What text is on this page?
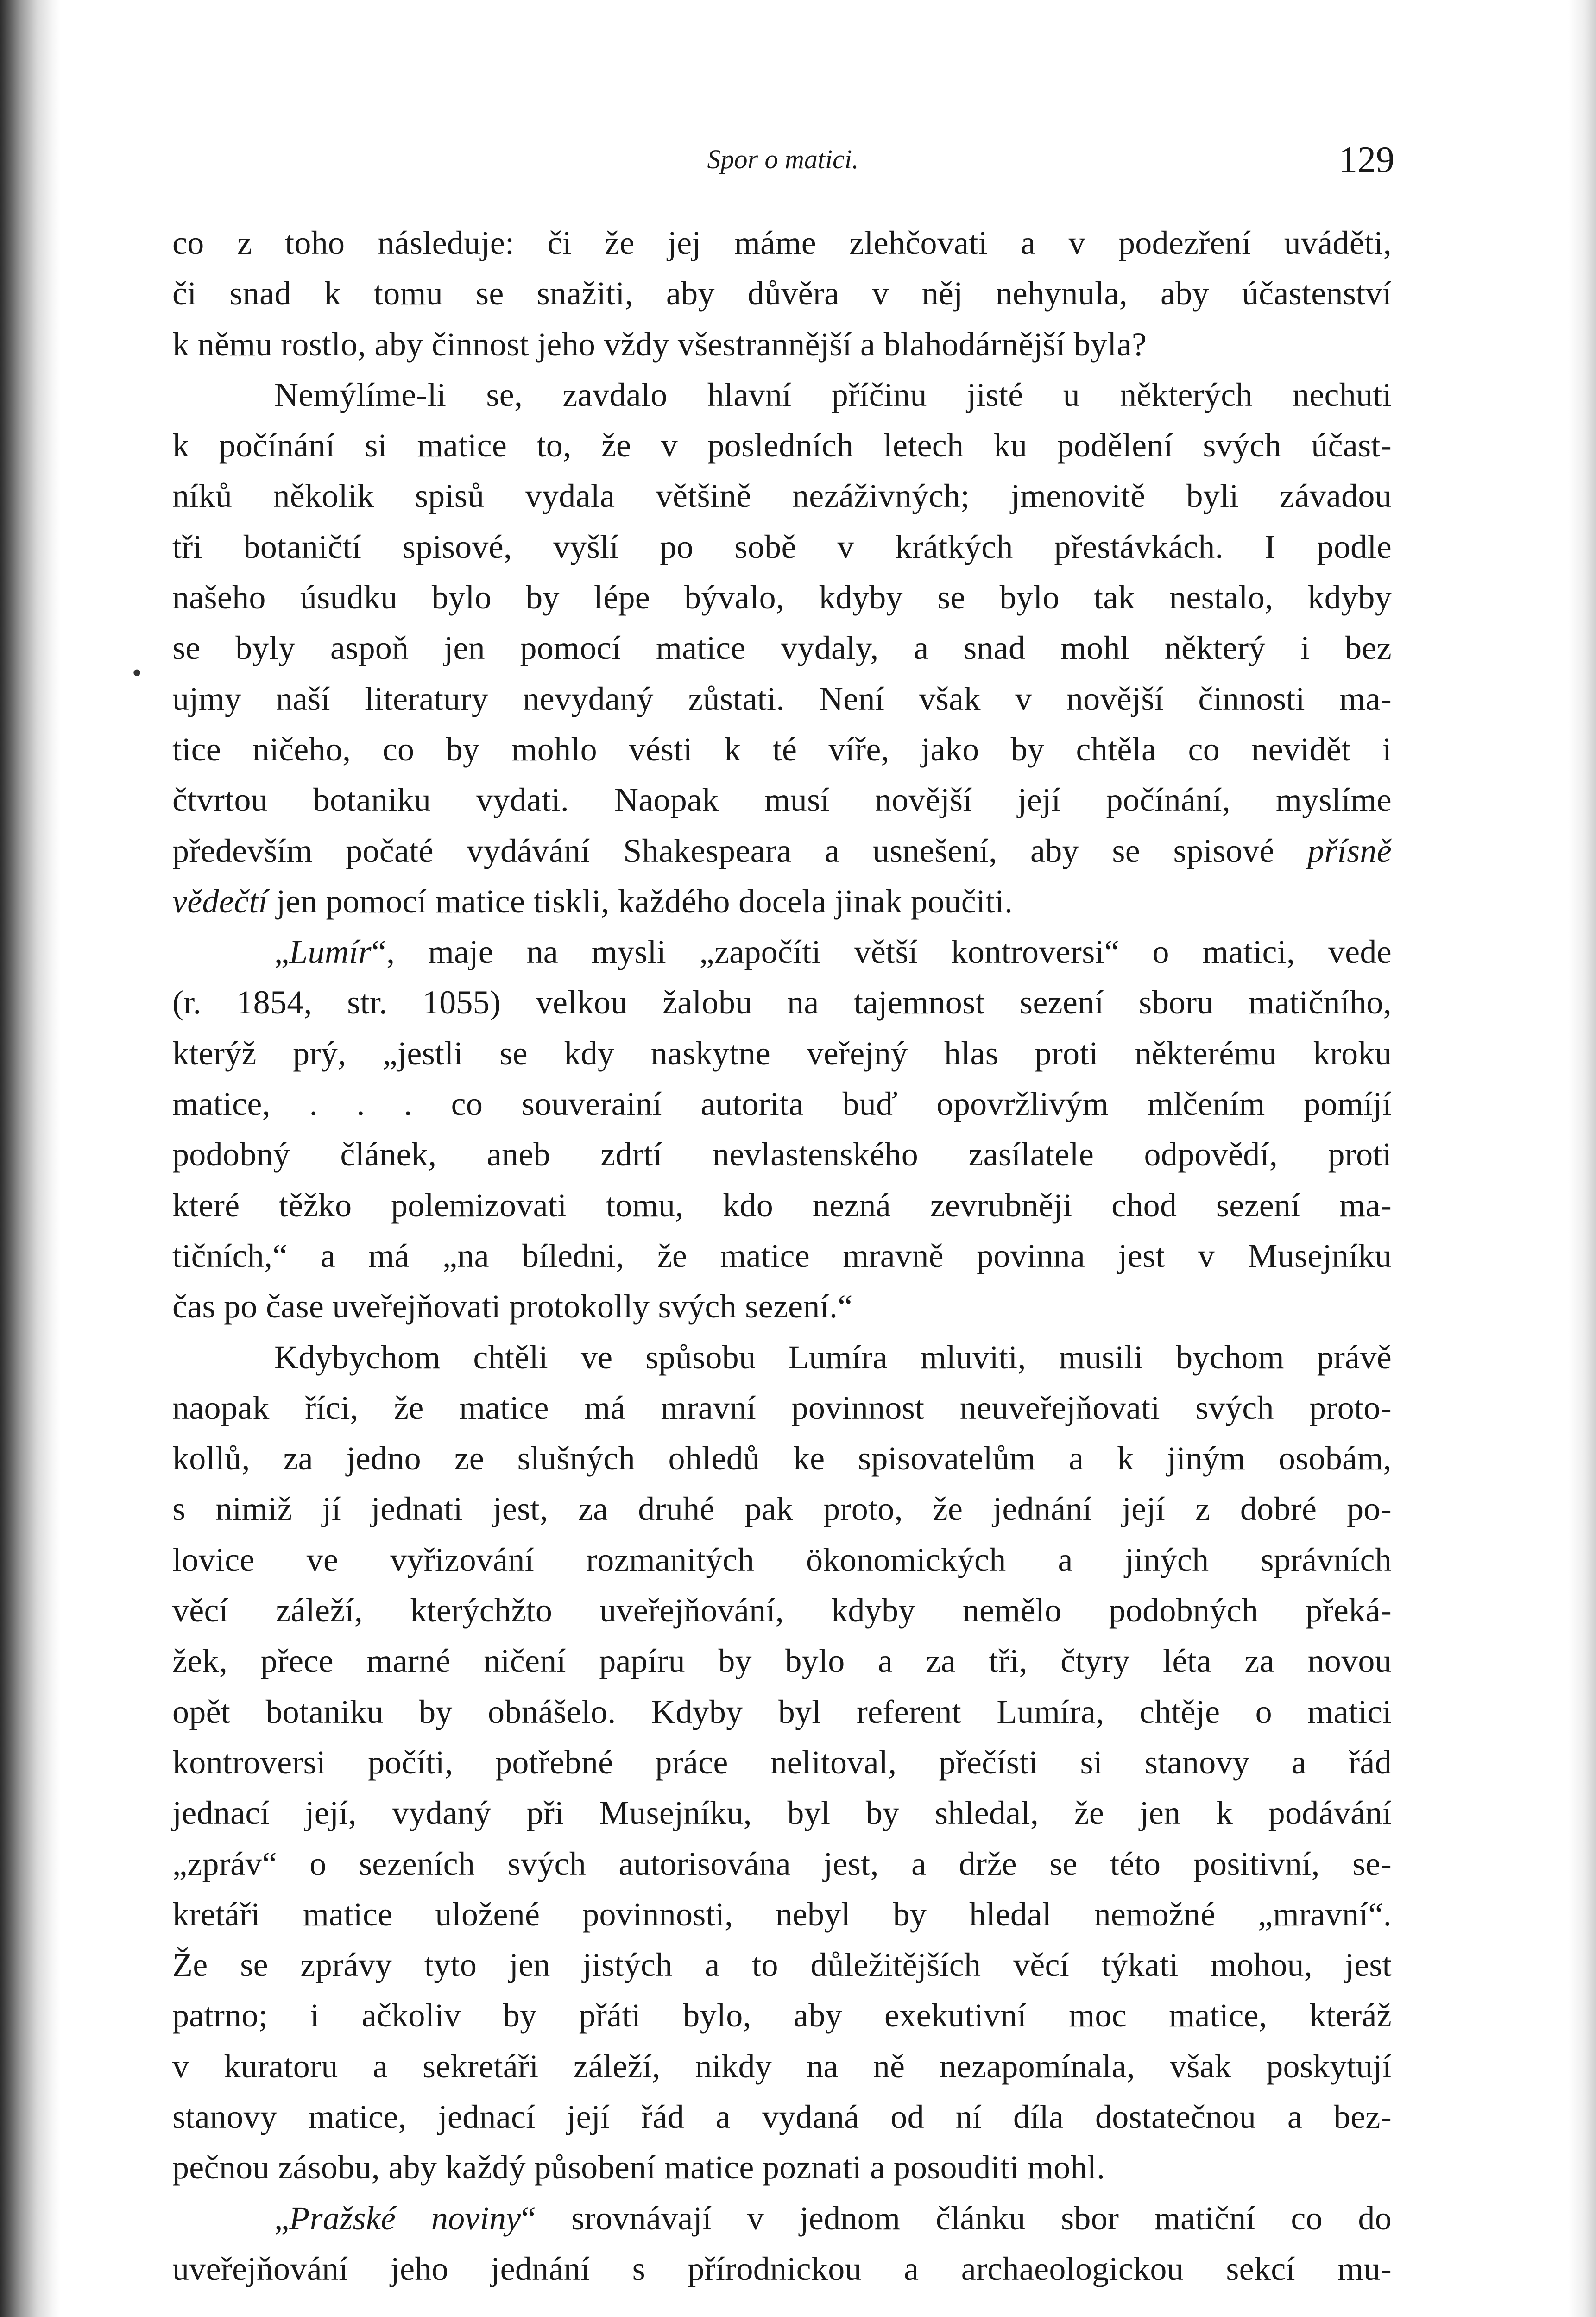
Spor o matici.	129
•
co z toho následuje: či že jej máme zlehčovati a v podezření uváděti,
či snad k tomu se snažiti, aby důvěra v něj nehynula, aby účastenství
k němu rostlo, aby činnost jeho vždy všestrannější a blahodárnější byla?
Nemýlíme-li se, zavdalo hlavní příčinu jisté u některých nechuti
k počínání si matice to, že v posledních letech ku podělení svých účast-
níků několik spisů vydala většině nezáživných; jmenovitě byli závadou
tři botaničtí spisové, vyšlí po sobě v krátkých přestávkách. I podle
našeho úsudku bylo by lépe bývalo, kdyby se bylo tak nestalo, kdyby
se byly aspoň jen pomocí matice vydaly, a snad mohl některý i bez
ujmy naší literatury nevydaný zůstati. Není však v novější činnosti ma-
tice ničeho, co by mohlo vésti k té víře, jako by chtěla co nevidět i
čtvrtou botaniku vydati. Naopak musí novější její počínání, myslíme
především počaté vydávání Shakespeara a usnešení, aby se spisové přísně
vědečtí jen pomocí matice tiskli, každého docela jinak poučiti.
„Lumír“, maje na mysli „započíti větší kontroversi“ o matici, vede
(r. 1854, str. 1055) velkou žalobu na tajemnost sezení sboru matičního,
kterýž prý, „jestli se kdy naskytne veřejný hlas proti některému kroku
matice, . . . co souverainí autorita buď opovržlivým mlčením pomíjí
podobný článek, aneb zdrtí nevlastenského zasílatele odpovědí, proti
které těžko polemizovati tomu, kdo nezná zevrubněji chod sezení ma-
tičních,“ a má „na bíledni, že matice mravně povinna jest v Musejníku
čas po čase uveřejňovati protokolly svých sezení.“
Kdybychom chtěli ve spůsobu Lumíra mluviti, musili bychom právě
naopak říci, že matice má mravní povinnost neuveřejňovati svých proto-
kollů, za jedno ze slušných ohledů ke spisovatelům a k jiným osobám,
s nimiž jí jednati jest, za druhé pak proto, že jednání její z dobré po-
lovice ve vyřizování rozmanitých ökonomických a jiných správních
věcí záleží, kterýchžto uveřejňování, kdyby nemělo podobných překá-
žek, přece marné ničení papíru by bylo a za tři, čtyry léta za novou
opět botaniku by obnášelo. Kdyby byl referent Lumíra, chtěje o matici
kontroversi počíti, potřebné práce nelitoval, přečísti si stanovy a řád
jednací její, vydaný při Musejníku, byl by shledal, že jen k podávání
„zpráv“ o sezeních svých autorisována jest, a drže se této positivní, se-
kretáři matice uložené povinnosti, nebyl by hledal nemožné „mravní“.
Že se zprávy tyto jen jistých a to důležitějších věcí týkati mohou, jest
patrno; i ačkoliv by přáti bylo, aby exekutivní moc matice, kteráž
v kuratoru a sekretáři záleží, nikdy na ně nezapomínala, však poskytují
stanovy matice, jednací její řád a vydaná od ní díla dostatečnou a bez-
pečnou zásobu, aby každý působení matice poznati a posouditi mohl.
„Pražské noviny“ srovnávají v jednom článku sbor matiční co do
uveřejňování jeho jednání s přírodnickou a archaeologickou sekcí mu-
